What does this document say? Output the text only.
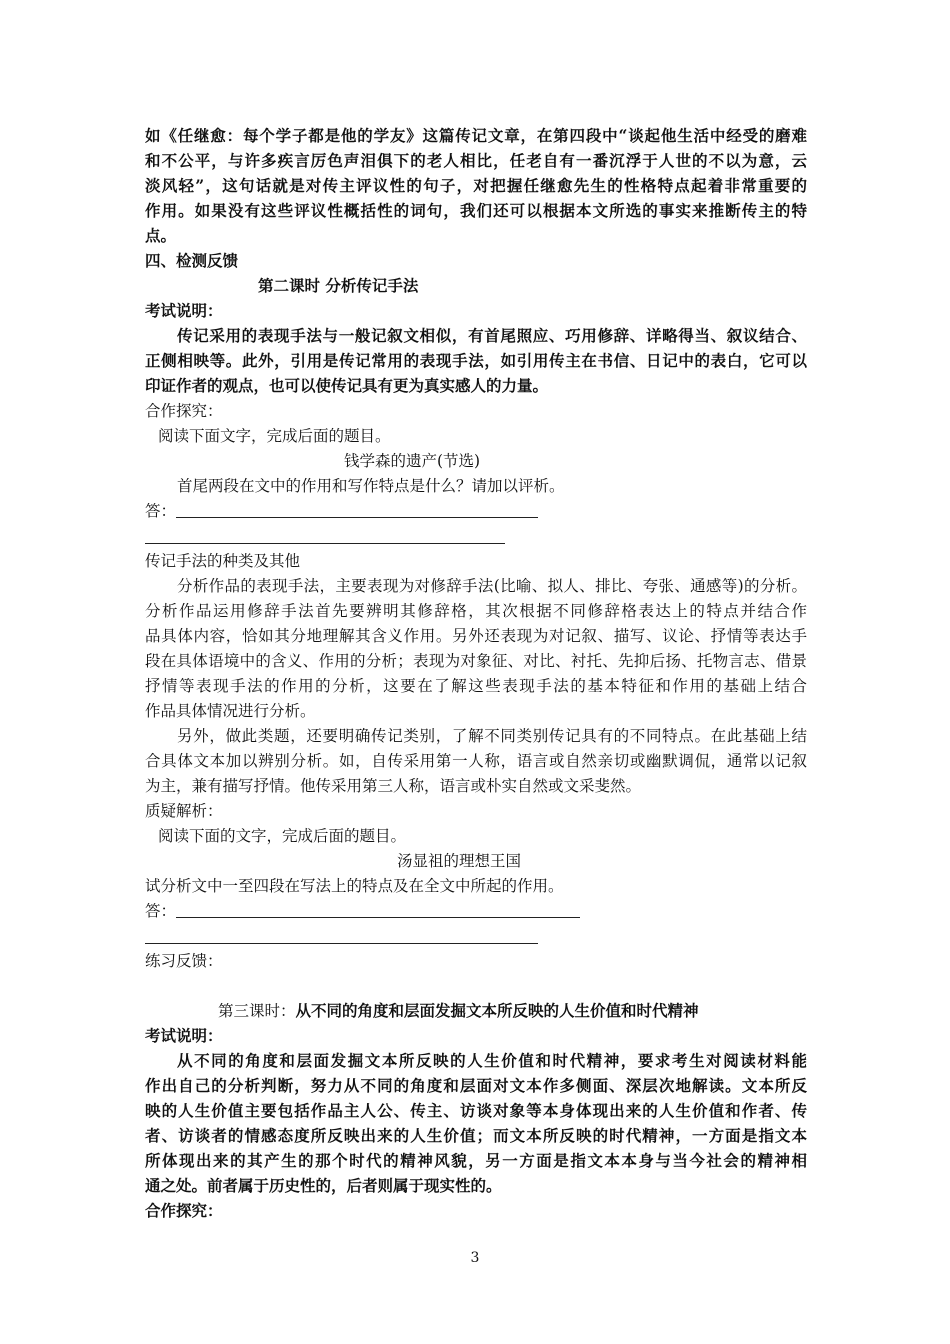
如《任继愈：每个学子都是他的学友》这篇传记文章，在第四段中“谈起他生活中经受的磨难
和不公平，与许多疾言厉色声泪俱下的老人相比，任老自有一番沉浮于人世的不以为意，云
淡风轻”，这句话就是对传主评议性的句子，对把握任继愈先生的性格特点起着非常重要的
作用。如果没有这些评议性概括性的词句，我们还可以根据本文所选的事实来推断传主的特
点。
四、检测反馈
第二课时 分析传记手法
考试说明：
传记采用的表现手法与一般记叙文相似，有首尾照应、巧用修辞、详略得当、叙议结合、
正侧相映等。此外，引用是传记常用的表现手法，如引用传主在书信、日记中的表白，它可以
印证作者的观点，也可以使传记具有更为真实感人的力量。
合作探究：
阅读下面文字，完成后面的题目。
钱学森的遗产(节选)
首尾两段在文中的作用和写作特点是什么？请加以评析。
答：
传记手法的种类及其他
分析作品的表现手法，主要表现为对修辞手法(比喻、拟人、排比、夸张、通感等)的分析。
分析作品运用修辞手法首先要辨明其修辞格，其次根据不同修辞格表达上的特点并结合作
品具体内容，恰如其分地理解其含义作用。另外还表现为对记叙、描写、议论、抒情等表达手
段在具体语境中的含义、作用的分析；表现为对象征、对比、衬托、先抑后扬、托物言志、借景
抒情等表现手法的作用的分析，这要在了解这些表现手法的基本特征和作用的基础上结合
作品具体情况进行分析。
另外，做此类题，还要明确传记类别，了解不同类别传记具有的不同特点。在此基础上结
合具体文本加以辨别分析。如，自传采用第一人称，语言或自然亲切或幽默调侃，通常以记叙
为主，兼有描写抒情。他传采用第三人称，语言或朴实自然或文采斐然。
质疑解析：
阅读下面的文字，完成后面的题目。
汤显祖的理想王国
试分析文中一至四段在写法上的特点及在全文中所起的作用。
答：
练习反馈：
第三课时：从不同的角度和层面发掘文本所反映的人生价值和时代精神
考试说明：
从不同的角度和层面发掘文本所反映的人生价值和时代精神，要求考生对阅读材料能
作出自己的分析判断，努力从不同的角度和层面对文本作多侧面、深层次地解读。文本所反
映的人生价值主要包括作品主人公、传主、访谈对象等本身体现出来的人生价值和作者、传
者、访谈者的情感态度所反映出来的人生价值；而文本所反映的时代精神，一方面是指文本
所体现出来的其产生的那个时代的精神风貌，另一方面是指文本本身与当今社会的精神相
通之处。前者属于历史性的，后者则属于现实性的。
合作探究：
3
